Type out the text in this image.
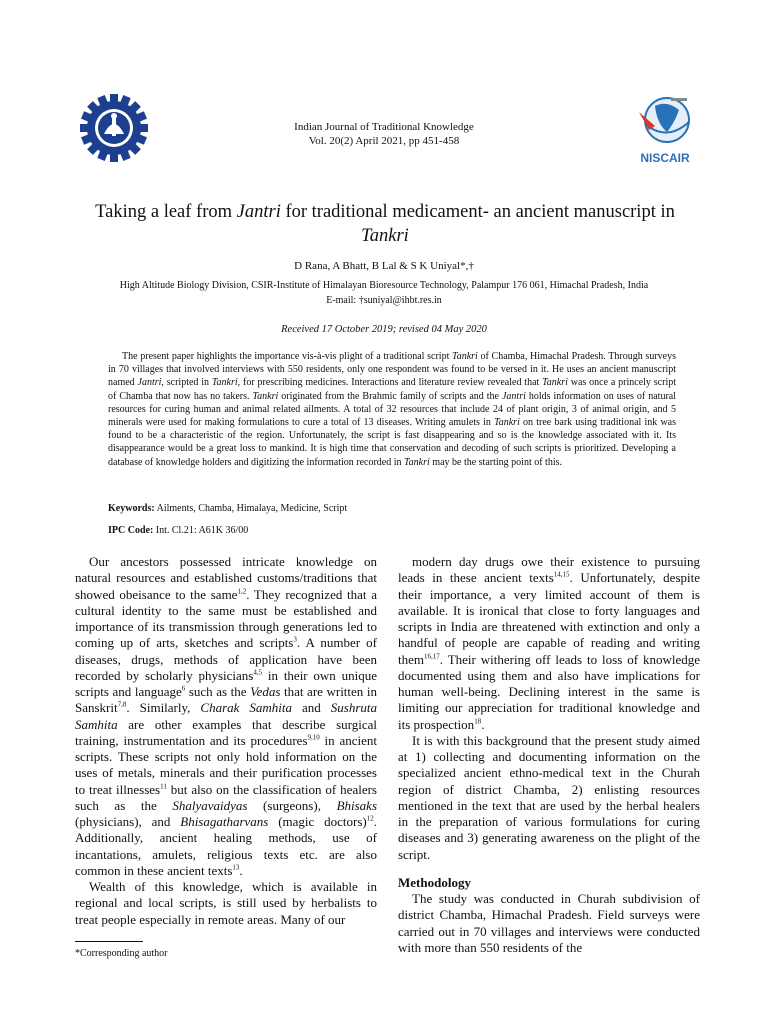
NISCAIR
Indian Journal of Traditional Knowledge
Vol. 20(2) April 2021, pp 451-458
Taking a leaf from Jantri for traditional medicament- an ancient manuscript in Tankri
D Rana, A Bhatt, B Lal & S K Uniyal*,†
High Altitude Biology Division, CSIR-Institute of Himalayan Bioresource Technology, Palampur 176 061, Himachal Pradesh, India
E-mail: †suniyal@ihbt.res.in
Received 17 October 2019; revised 04 May 2020
The present paper highlights the importance vis-à-vis plight of a traditional script Tankri of Chamba, Himachal Pradesh. Through surveys in 70 villages that involved interviews with 550 residents, only one respondent was found to be versed in it. He uses an ancient manuscript named Jantri, scripted in Tankri, for prescribing medicines. Interactions and literature review revealed that Tankri was once a princely script of Chamba that now has no takers. Tankri originated from the Brahmic family of scripts and the Jantri holds information on uses of natural resources for curing human and animal related ailments. A total of 32 resources that include 24 of plant origin, 3 of animal origin, and 5 minerals were used for making formulations to cure a total of 13 diseases. Writing amulets in Tankri on tree bark using traditional ink was found to be a characteristic of the region. Unfortunately, the script is fast disappearing and so is the knowledge associated with it. Its disappearance would be a great loss to mankind. It is high time that conservation and decoding of such scripts is prioritized. Developing a database of knowledge holders and digitizing the information recorded in Tankri may be the starting point of this.
Keywords: Ailments, Chamba, Himalaya, Medicine, Script
IPC Code: Int. Cl.21: A61K 36/00

Our ancestors possessed intricate knowledge on natural resources and established customs/traditions that showed obeisance to the same$^{1,2}$. They recognized that a cultural identity to the same must be established and importance of its transmission through generations led to coming up of arts, sketches and scripts$^3$. A number of diseases, drugs, methods of application have been recorded by scholarly physicians$^{4,5}$ in their own unique scripts and language$^6$ such as the Vedas that are written in Sanskrit$^{7,8}$. Similarly, Charak Samhita and Sushruta Samhita are other examples that describe surgical training, instrumentation and its procedures$^{9,10}$ in ancient scripts. These scripts not only hold information on the uses of metals, minerals and their purification processes to treat illnesses$^{11}$ but also on the classification of healers such as the Shalyavaidyas (surgeons), Bhisaks (physicians), and Bhisagatharvans (magic doctors)$^{12}$. Additionally, ancient healing methods, use of incantations, amulets, religious texts etc. are also common in these ancient texts$^{13}$.

Wealth of this knowledge, which is available in regional and local scripts, is still used by herbalists to treat people especially in remote areas. Many of our

modern day drugs owe their existence to pursuing leads in these ancient texts$^{14,15}$. Unfortunately, despite their importance, a very limited account of them is available. It is ironical that close to forty languages and scripts in India are threatened with extinction and only a handful of people are capable of reading and writing them$^{16,17}$. Their withering off leads to loss of knowledge documented using them and also have implications for human well-being. Declining interest in the same is limiting our appreciation for traditional knowledge and its prospection$^{18}$.

It is with this background that the present study aimed at 1) collecting and documenting information on the specialized ancient ethno-medical text in the Churah region of district Chamba, 2) enlisting resources mentioned in the text that are used by the herbal healers in the preparation of various formulations for curing diseases and 3) generating awareness on the plight of the script.

Methodology

The study was conducted in Churah subdivision of district Chamba, Himachal Pradesh. Field surveys were carried out in 70 villages and interviews were conducted with more than 550 residents of the

*Corresponding author
